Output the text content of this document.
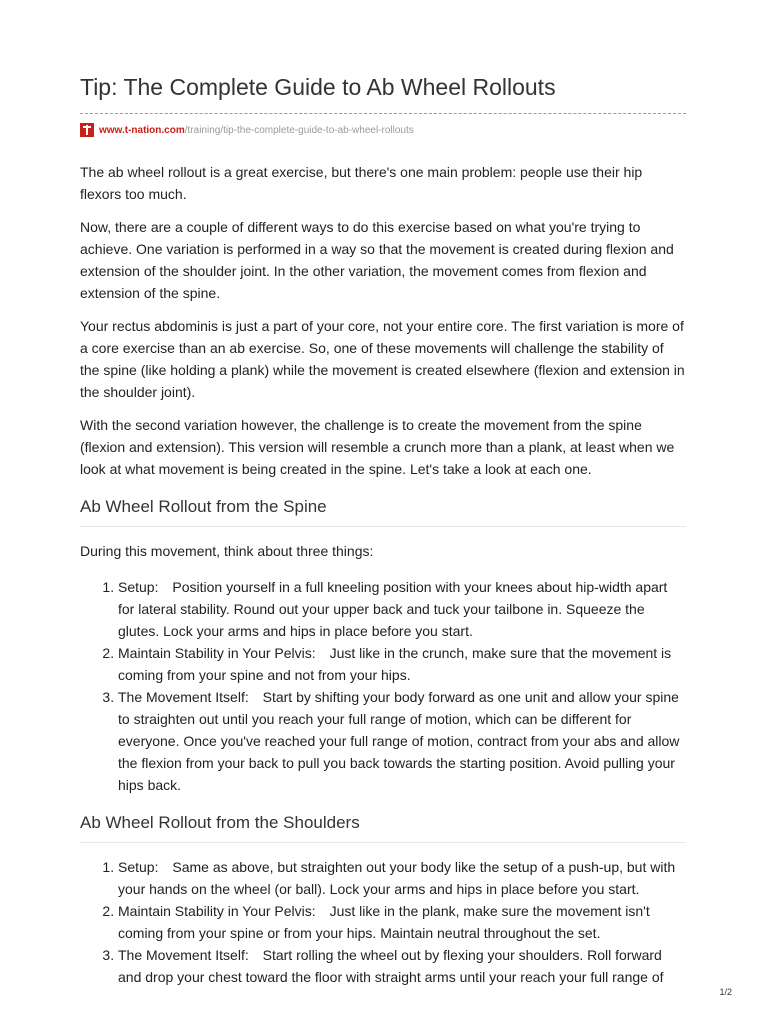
Tip: The Complete Guide to Ab Wheel Rollouts
www.t-nation.com /training/tip-the-complete-guide-to-ab-wheel-rollouts

The ab wheel rollout is a great exercise, but there's one main problem: people use their hip flexors too much.

Now, there are a couple of different ways to do this exercise based on what you're trying to achieve. One variation is performed in a way so that the movement is created during flexion and extension of the shoulder joint. In the other variation, the movement comes from flexion and extension of the spine.

Your rectus abdominis is just a part of your core, not your entire core. The first variation is more of a core exercise than an ab exercise. So, one of these movements will challenge the stability of the spine (like holding a plank) while the movement is created elsewhere (flexion and extension in the shoulder joint).

With the second variation however, the challenge is to create the movement from the spine (flexion and extension). This version will resemble a crunch more than a plank, at least when we look at what movement is being created in the spine. Let's take a look at each one.

Ab Wheel Rollout from the Spine

During this movement, think about three things:

1. Setup: Position yourself in a full kneeling position with your knees about hip-width apart for lateral stability. Round out your upper back and tuck your tailbone in. Squeeze the glutes. Lock your arms and hips in place before you start.
2. Maintain Stability in Your Pelvis: Just like in the crunch, make sure that the movement is coming from your spine and not from your hips.
3. The Movement Itself: Start by shifting your body forward as one unit and allow your spine to straighten out until you reach your full range of motion, which can be different for everyone. Once you've reached your full range of motion, contract from your abs and allow the flexion from your back to pull you back towards the starting position. Avoid pulling your hips back.
Ab Wheel Rollout from the Shoulders
1. Setup: Same as above, but straighten out your body like the setup of a push-up, but with your hands on the wheel (or ball). Lock your arms and hips in place before you start.
2. Maintain Stability in Your Pelvis: Just like in the plank, make sure the movement isn't coming from your spine or from your hips. Maintain neutral throughout the set.
3. The Movement Itself: Start rolling the wheel out by flexing your shoulders. Roll forward and drop your chest toward the floor with straight arms until your reach your full range of
1/2
